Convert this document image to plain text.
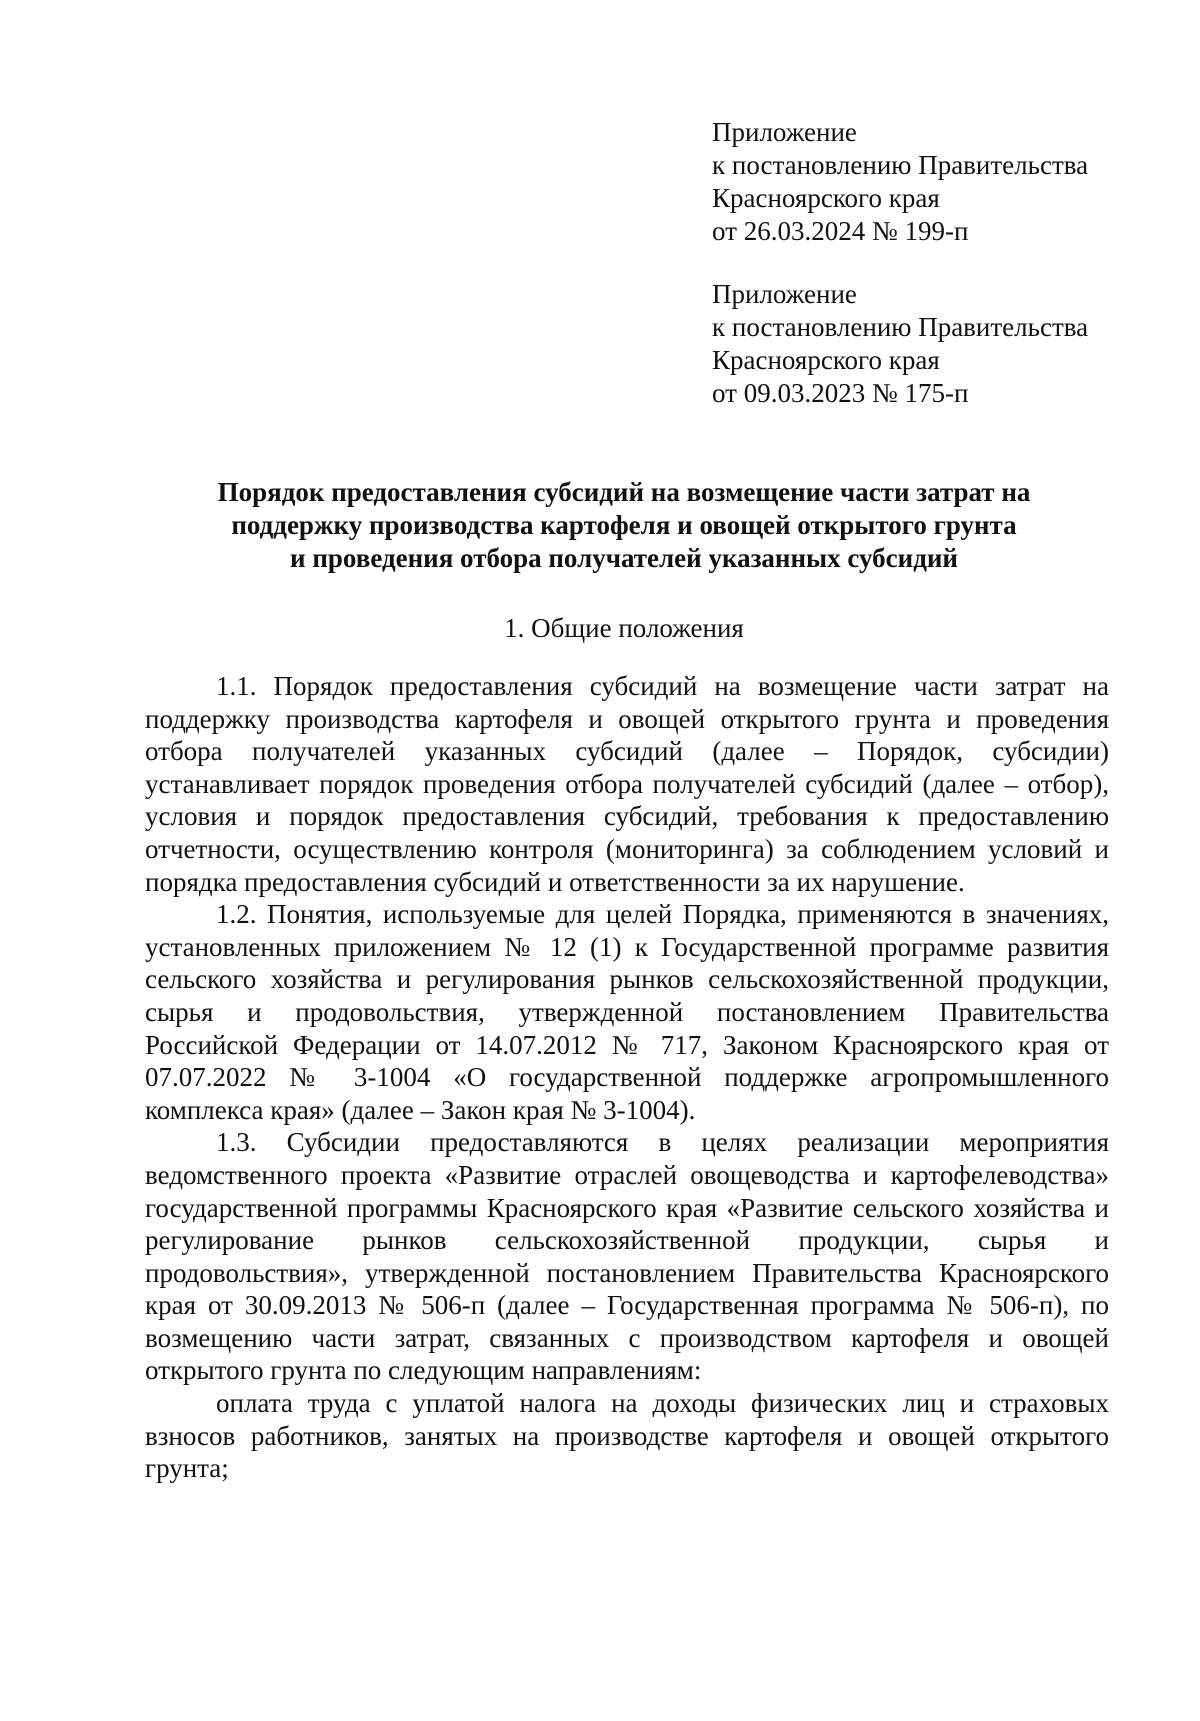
Приложение
к постановлению Правительства
Красноярского края
от 26.03.2024 № 199-п
Приложение
к постановлению Правительства
Красноярского края
от 09.03.2023 № 175-п
Порядок предоставления субсидий на возмещение части затрат на
поддержку производства картофеля и овощей открытого грунта
и проведения отбора получателей указанных субсидий
1. Общие положения

1.1. Порядок предоставления субсидий на возмещение части затрат на поддержку производства картофеля и овощей открытого грунта и проведения отбора получателей указанных субсидий (далее – Порядок, субсидии) устанавливает порядок проведения отбора получателей субсидий (далее – отбор), условия и порядок предоставления субсидий, требования к предоставлению отчетности, осуществлению контроля (мониторинга) за соблюдением условий и порядка предоставления субсидий и ответственности за их нарушение.

1.2. Понятия, используемые для целей Порядка, применяются в значениях, установленных приложением № 12 (1) к Государственной программе развития сельского хозяйства и регулирования рынков сельскохозяйственной продукции, сырья и продовольствия, утвержденной постановлением Правительства Российской Федерации от 14.07.2012 № 717, Законом Красноярского края от 07.07.2022 № 3-1004 «О государственной поддержке агропромышленного комплекса края» (далее – Закон края № 3-1004).

1.3. Субсидии предоставляются в целях реализации мероприятия ведомственного проекта «Развитие отраслей овощеводства и картофелеводства» государственной программы Красноярского края «Развитие сельского хозяйства и регулирование рынков сельскохозяйственной продукции, сырья и продовольствия», утвержденной постановлением Правительства Красноярского края от 30.09.2013 № 506-п (далее – Государственная программа № 506-п), по возмещению части затрат, связанных с производством картофеля и овощей открытого грунта по следующим направлениям:

оплата труда с уплатой налога на доходы физических лиц и страховых взносов работников, занятых на производстве картофеля и овощей открытого грунта;
